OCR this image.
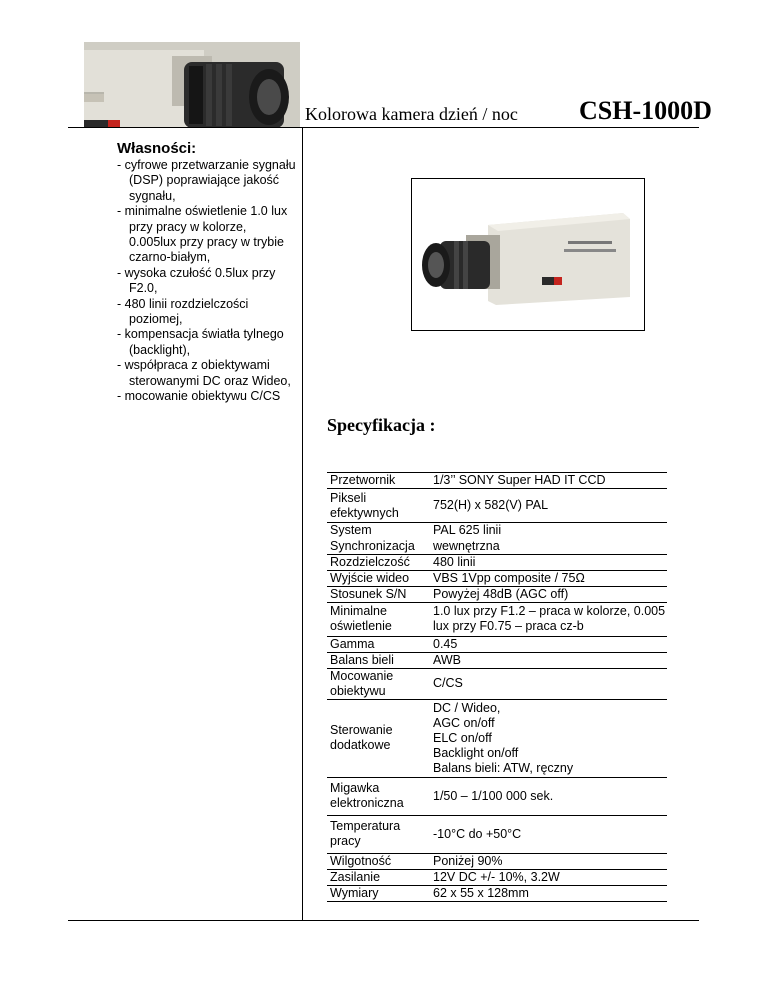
Kolorowa kamera dzień / noc CSH-1000D
Własności:
- cyfrowe przetwarzanie sygnału (DSP) poprawiające jakość sygnału,
- minimalne oświetlenie 1.0 lux przy pracy w kolorze, 0.005lux przy pracy w trybie czarno-białym,
- wysoka czułość 0.5lux przy F2.0,
- 480 linii rozdzielczości poziomej,
- kompensacja światła tylnego (backlight),
- współpraca z obiektywami sterowanymi DC oraz Wideo,
- mocowanie obiektywu C/CS
Specyfikacja :
Przetwornik	1/3’’ SONY Super HAD IT CCD
Pikseli efektywnych	752(H) x 582(V) PAL
System	PAL 625 linii
Synchronizacja	wewnętrzna
Rozdzielczość	480 linii
Wyjście wideo	VBS 1Vpp composite / 75Ω
Stosunek S/N	Powyżej 48dB (AGC off)
Minimalne oświetlenie	1.0 lux przy F1.2 – praca w kolorze, 0.005 lux przy F0.75 – praca cz-b
Gamma	0.45
Balans bieli	AWB
Mocowanie obiektywu	C/CS
Sterowanie dodatkowe	DC / Wideo,
AGC on/off
ELC on/off
Backlight on/off
Balans bieli: ATW, ręczny
Migawka elektroniczna	1/50 – 1/100 000 sek.
Temperatura pracy	-10°C do +50°C
Wilgotność	Poniżej 90%
Zasilanie	12V DC +/- 10%, 3.2W
Wymiary	62 x 55 x 128mm
